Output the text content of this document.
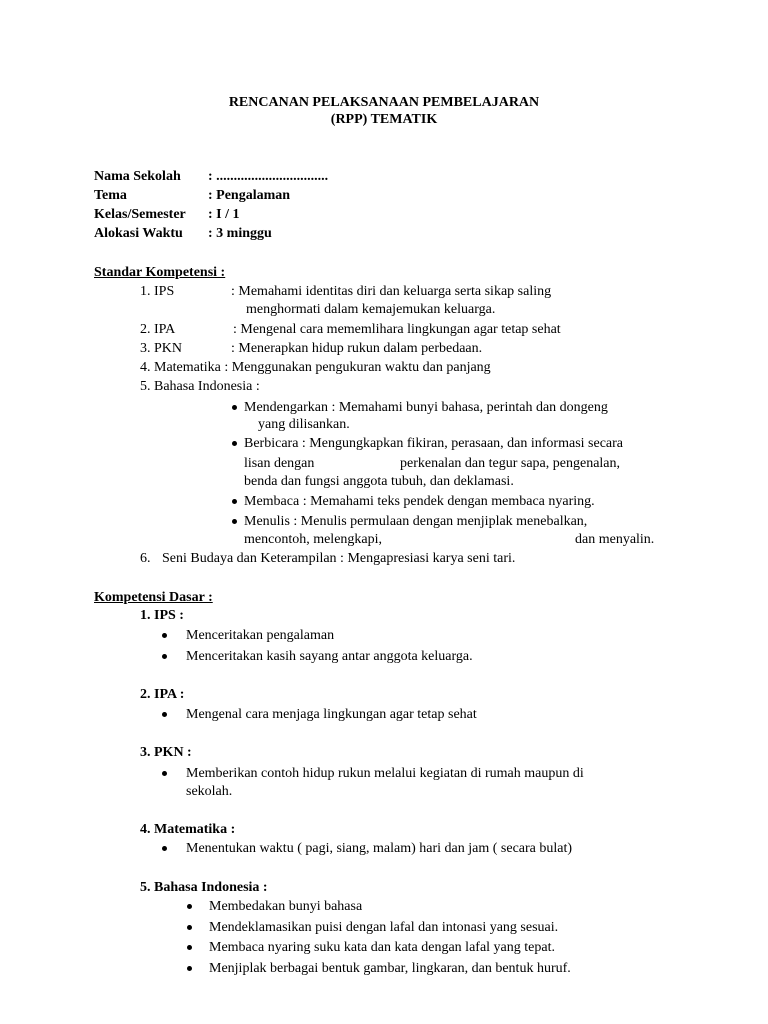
RENCANAN PELAKSANAAN PEMBELAJARAN
(RPP) TEMATIK
Nama Sekolah : ................................
Tema	: Pengalaman
Kelas/Semester : I / 1
Alokasi Waktu : 3 minggu
Standar Kompetensi :
1. IPS	: Memahami identitas diri dan keluarga serta sikap saling
menghormati dalam kemajemukan keluarga.
2. IPA	: Mengenal cara mememlihara lingkungan agar tetap sehat
3. PKN	: Menerapkan hidup rukun dalam perbedaan.
4. Matematika : Menggunakan pengukuran waktu dan panjang
5. Bahasa Indonesia :
Mendengarkan : Memahami bunyi bahasa, perintah dan dongeng
yang dilisankan.
Berbicara : Mengungkapkan fikiran, perasaan, dan informasi secara
lisan dengan	perkenalan dan tegur sapa, pengenalan,
benda dan fungsi anggota tubuh, dan deklamasi.
Membaca : Memahami teks pendek dengan membaca nyaring.
Menulis : Menulis permulaan dengan menjiplak menebalkan,
mencontoh, melengkapi,	dan menyalin.
6. Seni Budaya dan Keterampilan : Mengapresiasi karya seni tari.
Kompetensi Dasar :
1. IPS :
Menceritakan pengalaman
Menceritakan kasih sayang antar anggota keluarga.
2. IPA :
Mengenal cara menjaga lingkungan agar tetap sehat
3. PKN :
Memberikan contoh hidup rukun melalui kegiatan di rumah maupun di
sekolah.
4. Matematika :
Menentukan waktu ( pagi, siang, malam) hari dan jam ( secara bulat)
5. Bahasa Indonesia :
Membedakan bunyi bahasa
Mendeklamasikan puisi dengan lafal dan intonasi yang sesuai.
Membaca nyaring suku kata dan kata dengan lafal yang tepat.
Menjiplak berbagai bentuk gambar, lingkaran, dan bentuk huruf.
